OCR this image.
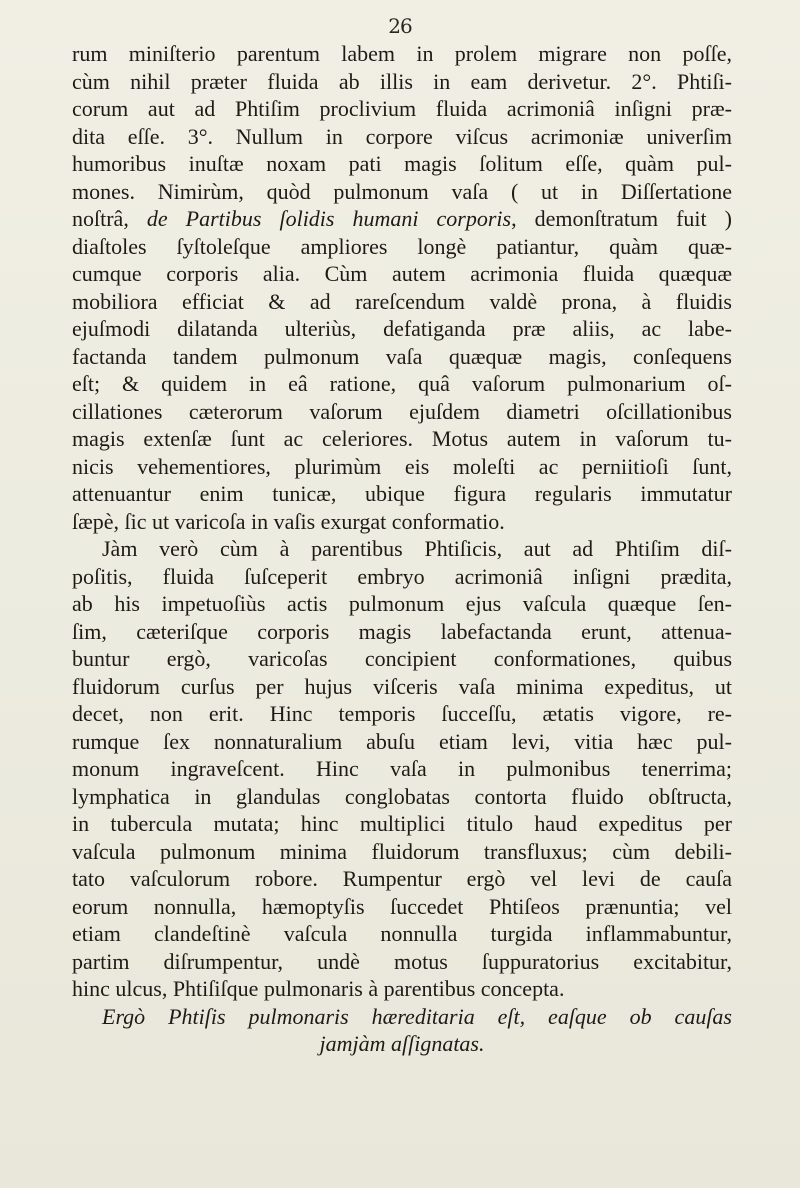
26
rum miniſterio parentum labem in prolem migrare non poſſe,
cùm nihil præter fluida ab illis in eam derivetur. 2°. Phtiſi-
corum aut ad Phtiſim proclivium fluida acrimoniâ inſigni præ-
dita eſſe. 3°. Nullum in corpore viſcus acrimoniæ univerſim
humoribus inuſtæ noxam pati magis ſolitum eſſe, quàm pul-
mones. Nimirùm, quòd pulmonum vaſa ( ut in Diſſertatione
noſtrâ, de Partibus ſolidis humani corporis, demonſtratum fuit )
diaſtoles ſyſtoleſque ampliores longè patiantur, quàm quæ-
cumque corporis alia. Cùm autem acrimonia fluida quæquæ
mobiliora efficiat & ad rareſcendum valdè prona, à fluidis
ejuſmodi dilatanda ulteriùs, defatiganda præ aliis, ac labe-
factanda tandem pulmonum vaſa quæquæ magis, conſequens
eſt; & quidem in eâ ratione, quâ vaſorum pulmonarium oſ-
cillationes cæterorum vaſorum ejuſdem diametri oſcillationibus
magis extenſæ ſunt ac celeriores. Motus autem in vaſorum tu-
nicis vehementiores, plurimùm eis moleſti ac perniitioſi ſunt,
attenuantur enim tunicæ, ubique figura regularis immutatur
ſæpè, ſic ut varicoſa in vaſis exurgat conformatio.
Jàm verò cùm à parentibus Phtiſicis, aut ad Phtiſim diſ-
poſitis, fluida ſuſceperit embryo acrimoniâ inſigni prædita,
ab his impetuoſiùs actis pulmonum ejus vaſcula quæque ſen-
ſim, cæteriſque corporis magis labefactanda erunt, attenua-
buntur ergò, varicoſas concipient conformationes, quibus
fluidorum curſus per hujus viſceris vaſa minima expeditus, ut
decet, non erit. Hinc temporis ſucceſſu, ætatis vigore, re-
rumque ſex nonnaturalium abuſu etiam levi, vitia hæc pul-
monum ingraveſcent. Hinc vaſa in pulmonibus tenerrima;
lymphatica in glandulas conglobatas contorta fluido obſtructa,
in tubercula mutata; hinc multiplici titulo haud expeditus per
vaſcula pulmonum minima fluidorum transfluxus; cùm debili-
tato vaſculorum robore. Rumpentur ergò vel levi de cauſa
eorum nonnulla, hæmoptyſis ſuccedet Phtiſeos prænuntia; vel
etiam clandeſtinè vaſcula nonnulla turgida inflammabuntur,
partim diſrumpentur, undè motus ſuppuratorius excitabitur,
hinc ulcus, Phtiſiſque pulmonaris à parentibus concepta.
Ergò Phtiſis pulmonaris hæreditaria eſt, eaſque ob cauſas
jamjàm aſſignatas.
